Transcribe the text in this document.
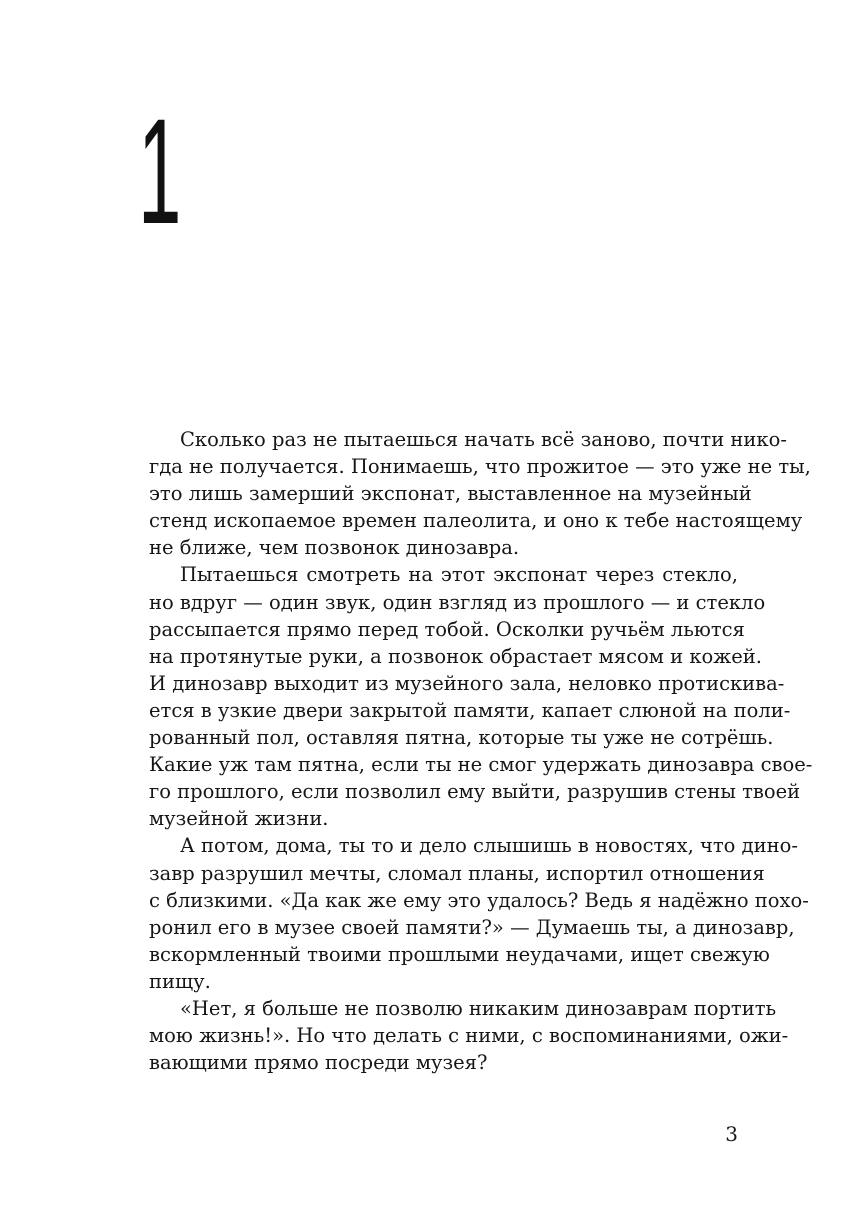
1
Сколько раз не пытаешься начать всё заново, почти нико-
гда не получается. Понимаешь, что прожитое — это уже не ты,
это лишь замерший экспонат, выставленное на музейный
стенд ископаемое времен палеолита, и оно к тебе настоящему
не ближе, чем позвонок динозавра.
Пытаешься смотреть на этот экспонат через стекло,
но вдруг — один звук, один взгляд из прошлого — и стекло
рассыпается прямо перед тобой. Осколки ручьём льются
на протянутые руки, а позвонок обрастает мясом и кожей.
И динозавр выходит из музейного зала, неловко протискива-
ется в узкие двери закрытой памяти, капает слюной на поли-
рованный пол, оставляя пятна, которые ты уже не сотрёшь.
Какие уж там пятна, если ты не смог удержать динозавра свое-
го прошлого, если позволил ему выйти, разрушив стены твоей
музейной жизни.
А потом, дома, ты то и дело слышишь в новостях, что дино-
завр разрушил мечты, сломал планы, испортил отношения
с близкими. «Да как же ему это удалось? Ведь я надёжно похо-
ронил его в музее своей памяти?» — Думаешь ты, а динозавр,
вскормленный твоими прошлыми неудачами, ищет свежую
пищу.
«Нет, я больше не позволю никаким динозаврам портить
мою жизнь!». Но что делать с ними, с воспоминаниями, ожи-
вающими прямо посреди музея?
3
